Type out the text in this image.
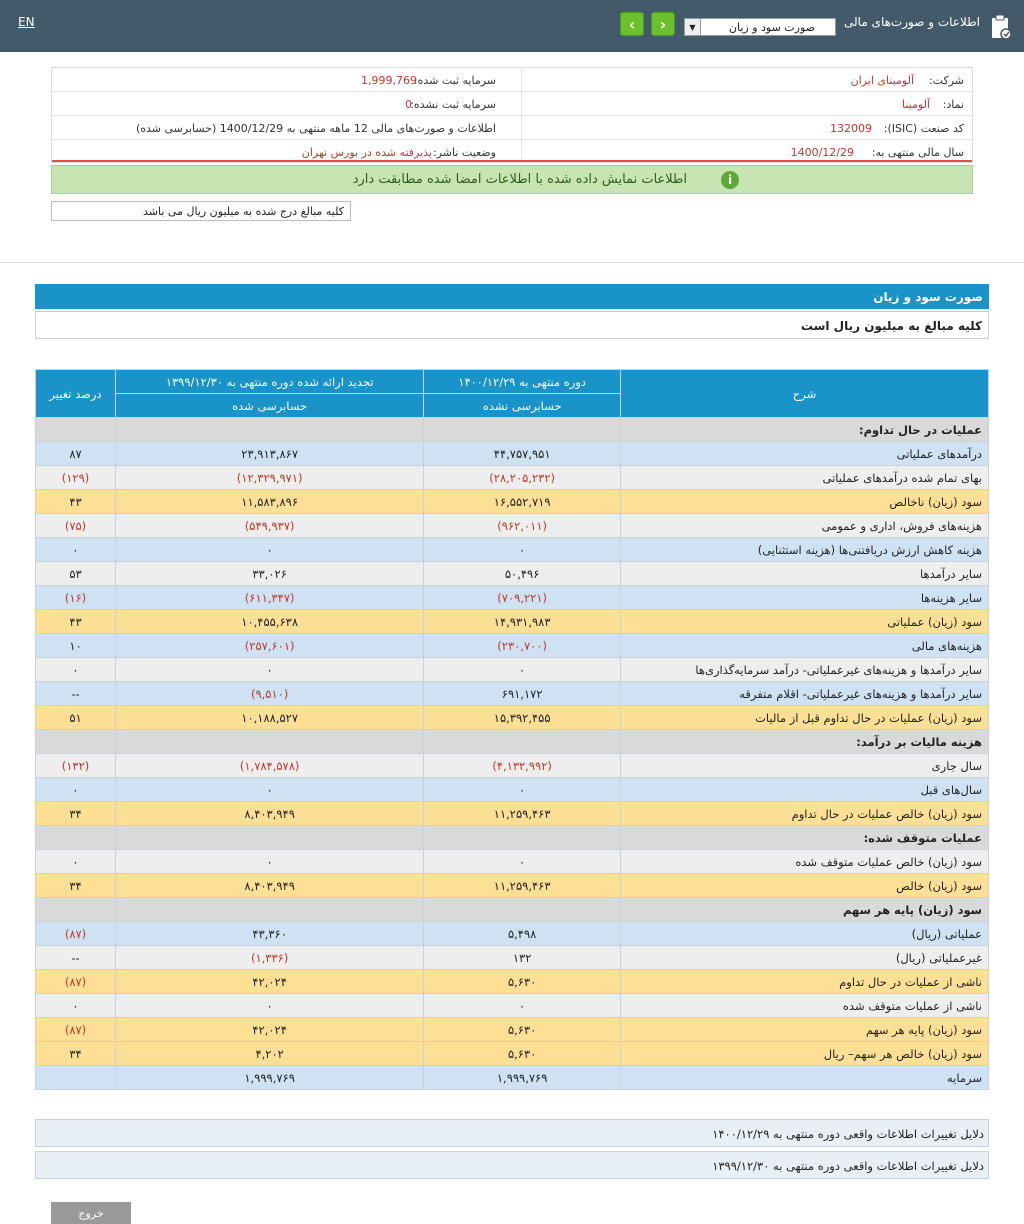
EN	‹ ›	▼	صورت سود و زیان اطلاعات و صورت‌های مالی
شرکت:
آلومینای ایران
سرمایه ثبت شده:
1,999,769
نماد:
آلومینا
سرمایه ثبت نشده:
0
کد صنعت (ISIC):
132009
اطلاعات و صورت‌های مالی 12 ماهه منتهی به 1400/12/29 (حسابرسی شده)
سال مالی منتهی به:
1400/12/29
وضعیت ناشر:
پذیرفته شده در بورس تهران
اطلاعات نمایش داده شده با اطلاعات امضا شده مطابقت دارد	i
کلیه مبالغ درج شده به میلیون ریال می باشد
صورت سود و زیان
کلیه مبالغ به میلیون ریال است
درصد تغییر	تجدید ارائه شده دوره منتهی به ۱۳۹۹/۱۲/۳۰	دوره منتهی به ۱۴۰۰/۱۲/۲۹	شرح
	حسابرسی شده	حسابرسی نشده	
			عملیات در حال تداوم:
۸۷	۲۳,۹۱۳,۸۶۷	۴۴,۷۵۷,۹۵۱	درآمدهای عملیاتی
(۱۲۹)	(۱۲,۳۲۹,۹۷۱)	(۲۸,۲۰۵,۲۳۲)	بهای تمام شده درآمدهای عملیاتی
۴۳	۱۱,۵۸۳,۸۹۶	۱۶,۵۵۲,۷۱۹	سود (زیان) ناخالص
(۷۵)	(۵۴۹,۹۳۷)	(۹۶۲,۰۱۱)	هزینه‌های فروش، اداری و عمومی
۰	۰	۰	هزینه کاهش ارزش دریافتنی‌ها (هزینه استثنایی)
۵۳	۳۳,۰۲۶	۵۰,۴۹۶	سایر درآمدها
(۱۶)	(۶۱۱,۳۴۷)	(۷۰۹,۲۲۱)	سایر هزینه‌ها
۴۳	۱۰,۴۵۵,۶۳۸	۱۴,۹۳۱,۹۸۳	سود (زیان) عملیاتی
۱۰	(۲۵۷,۶۰۱)	(۲۳۰,۷۰۰)	هزینه‌های مالی
۰	۰	۰	سایر درآمدها و هزینه‌های غیرعملیاتی- درآمد سرمایه‌گذاری‌ها
--	(۹,۵۱۰)	۶۹۱,۱۷۲	سایر درآمدها و هزینه‌های غیرعملیاتی- اقلام متفرقه
۵۱	۱۰,۱۸۸,۵۲۷	۱۵,۳۹۲,۴۵۵	سود (زیان) عملیات در حال تداوم قبل از مالیات
			هزینه مالیات بر درآمد:
(۱۳۲)	(۱,۷۸۴,۵۷۸)	(۴,۱۳۲,۹۹۲)	سال جاری
۰	۰	۰	سال‌های قبل
۳۴	۸,۴۰۳,۹۴۹	۱۱,۲۵۹,۴۶۳	سود (زیان) خالص عملیات در حال تداوم
			عملیات متوقف شده:
۰	۰	۰	سود (زیان) خالص عملیات متوقف شده
۳۴	۸,۴۰۳,۹۴۹	۱۱,۲۵۹,۴۶۳	سود (زیان) خالص
			سود (زیان) پایه هر سهم
(۸۷)	۴۳,۳۶۰	۵,۴۹۸	عملیاتی (ریال)
--	(۱,۳۳۶)	۱۳۲	غیرعملیاتی (ریال)
(۸۷)	۴۲,۰۲۴	۵,۶۳۰	ناشی از عملیات در حال تداوم
۰	۰	۰	ناشی از عملیات متوقف شده
(۸۷)	۴۲,۰۲۴	۵,۶۳۰	سود (زیان) پایه هر سهم
۳۴	۴,۲۰۲	۵,۶۳۰	سود (زیان) خالص هر سهم– ریال
	۱,۹۹۹,۷۶۹	۱,۹۹۹,۷۶۹	سرمایه
دلایل تغییرات اطلاعات واقعی دوره منتهی به ۱۴۰۰/۱۲/۲۹
دلایل تغییرات اطلاعات واقعی دوره منتهی به ۱۳۹۹/۱۲/۳۰
خروج
